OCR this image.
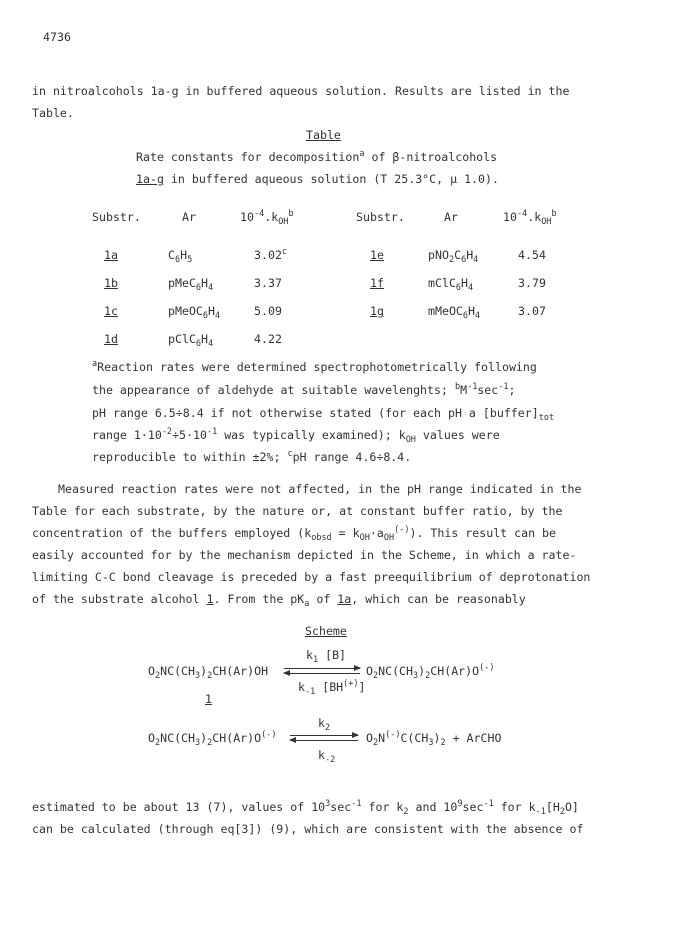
4736
in nitroalcohols 1a-g in buffered aqueous solution. Results are listed in the
Table.
Table
Rate constants for decomposition$^a$ of β-nitroalcohols
1a-g in buffered aqueous solution (T 25.3°C, μ 1.0).
Substr.	Ar	$10^{-4}.k_{OH}^b$	Substr.	Ar	$10^{-4}.k_{OH}^b$
1a	$C_6H_5$	3.02$^c$
1b	$pMeC_6H_4$	3.37
1c	$pMeOC_6H_4$	5.09
1d	$pClC_6H_4$	4.22
1e	$pNO_2C_6H_4$	4.54
1f	$mClC_6H_4$	3.79
1g	$mMeOC_6H_4$	3.07
$^a$Reaction rates were determined spectrophotometrically following
the appearance of aldehyde at suitable wavelenghts; $^bM^{-1}\sec^{-1}$;
pH range 6.5÷8.4 if not otherwise stated (for each pH a $[buffer]_{tot}$
range $1\cdot 10^{-2}\div 5\cdot 10^{-1}$ was typically examined); $k_{OH}$ values were
reproducible to within ±2%; $^c$pH range 4.6÷8.4.
Measured reaction rates were not affected, in the pH range indicated in the
Table for each substrate, by the nature or, at constant buffer ratio, by the
concentration of the buffers employed $(k_{obsd} = k_{OH}\cdot a_{OH}^{(-)})$. This result can be
easily accounted for by the mechanism depicted in the Scheme, in which a rate-
limiting C-C bond cleavage is preceded by a fast preequilibrium of deprotonation
of the substrate alcohol 1. From the $pK_a$ of 1a, which can be reasonably
Scheme
$k_1$ [B]
$O_2NC(CH_3)_2CH(Ar)OH$	$O_2NC(CH_3)_2CH(Ar)O^{(-)}$
$k_{-1}$ [BH(+)]
1
$k_2$
$O_2NC(CH_3)_2CH(Ar)O^{(-)}$	$O_2N^{(-)}C(CH_3)_2$ + ArCHO
$k_{-2}$
estimated to be about 13 (7), values of $10^3\sec^{-1}$ for $k_2$ and $10^9\sec^{-1}$ for $k_{-1}[H_2O]$
can be calculated (through eq[3]) (9), which are consistent with the absence of
